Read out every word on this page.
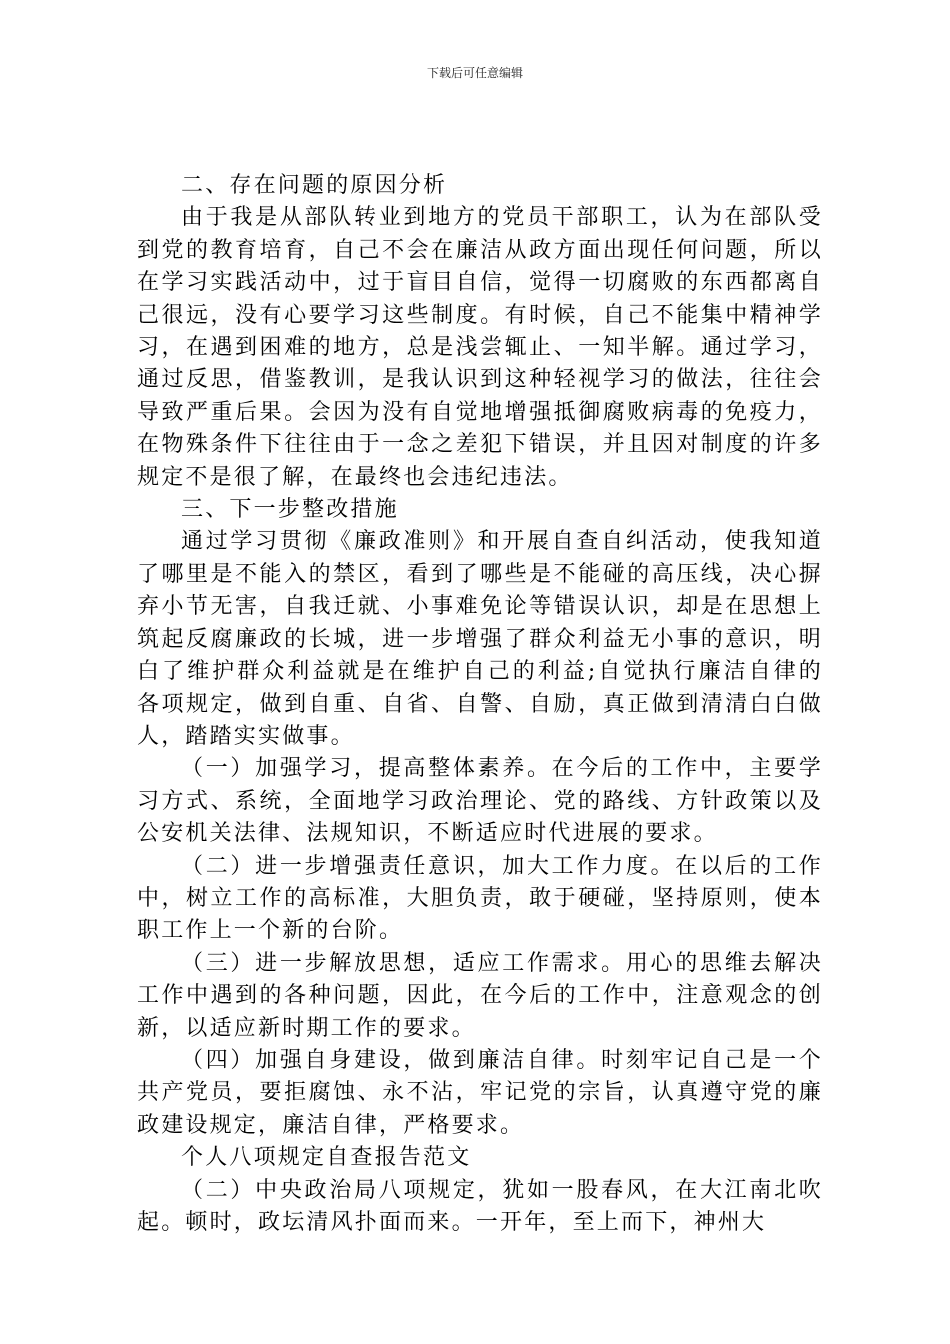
下载后可任意编辑

二、存在问题的原因分析

由于我是从部队转业到地方的党员干部职工，认为在部队受到党的教育培育，自己不会在廉洁从政方面出现任何问题，所以在学习实践活动中，过于盲目自信，觉得一切腐败的东西都离自己很远，没有心要学习这些制度。有时候，自己不能集中精神学习，在遇到困难的地方，总是浅尝辄止、一知半解。通过学习，通过反思，借鉴教训，是我认识到这种轻视学习的做法，往往会导致严重后果。会因为没有自觉地增强抵御腐败病毒的免疫力，在物殊条件下往往由于一念之差犯下错误，并且因对制度的许多规定不是很了解，在最终也会违纪违法。

三、下一步整改措施

通过学习贯彻《廉政准则》和开展自查自纠活动，使我知道了哪里是不能入的禁区，看到了哪些是不能碰的高压线，决心摒弃小节无害，自我迁就、小事难免论等错误认识，却是在思想上筑起反腐廉政的长城，进一步增强了群众利益无小事的意识，明白了维护群众利益就是在维护自己的利益;自觉执行廉洁自律的各项规定，做到自重、自省、自警、自励，真正做到清清白白做人，踏踏实实做事。

（一）加强学习，提高整体素养。在今后的工作中，主要学习方式、系统，全面地学习政治理论、党的路线、方针政策以及公安机关法律、法规知识，不断适应时代进展的要求。

（二）进一步增强责任意识，加大工作力度。在以后的工作中，树立工作的高标准，大胆负责，敢于硬碰，坚持原则，使本职工作上一个新的台阶。

（三）进一步解放思想，适应工作需求。用心的思维去解决工作中遇到的各种问题，因此，在今后的工作中，注意观念的创新，以适应新时期工作的要求。

（四）加强自身建设，做到廉洁自律。时刻牢记自己是一个共产党员，要拒腐蚀、永不沾，牢记党的宗旨，认真遵守党的廉政建设规定，廉洁自律，严格要求。

个人八项规定自查报告范文

（二）中央政治局八项规定，犹如一股春风，在大江南北吹起。顿时，政坛清风扑面而来。一开年，至上而下，神州大
